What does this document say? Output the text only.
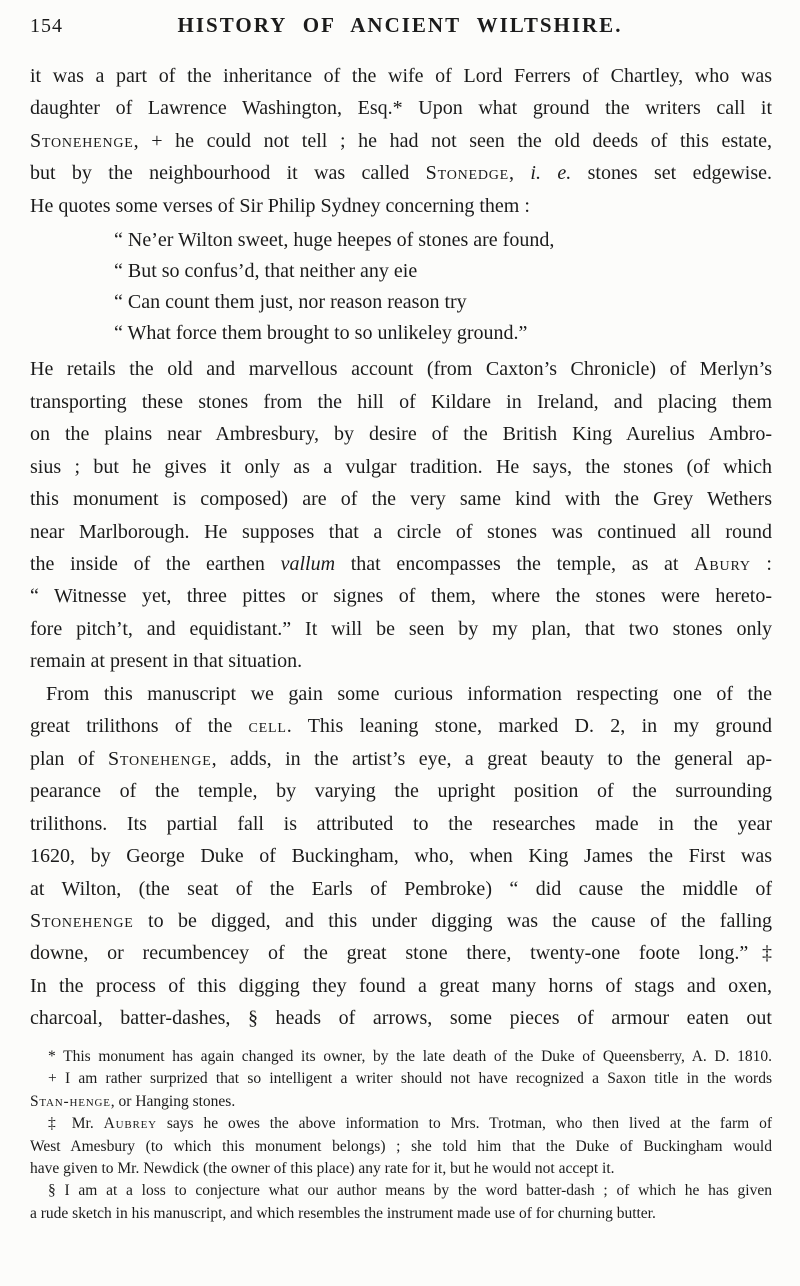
154	HISTORY OF ANCIENT WILTSHIRE.
it was a part of the inheritance of the wife of Lord Ferrers of Chartley, who was
daughter of Lawrence Washington, Esq.* Upon what ground the writers call it
Stonehenge, + he could not tell ; he had not seen the old deeds of this estate,
but by the neighbourhood it was called Stonedge, i. e. stones set edgewise.
He quotes some verses of Sir Philip Sydney concerning them :
“ Ne’er Wilton sweet, huge heepes of stones are found,
“ But so confus’d, that neither any eie
“ Can count them just, nor reason reason try
“ What force them brought to so unlikeley ground.”
He retails the old and marvellous account (from Caxton’s Chronicle) of Merlyn’s
transporting these stones from the hill of Kildare in Ireland, and placing them
on the plains near Ambresbury, by desire of the British King Aurelius Ambro-
sius ; but he gives it only as a vulgar tradition. He says, the stones (of which
this monument is composed) are of the very same kind with the Grey Wethers
near Marlborough. He supposes that a circle of stones was continued all round
the inside of the earthen vallum that encompasses the temple, as at Abury :
“ Witnesse yet, three pittes or signes of them, where the stones were hereto-
fore pitch’t, and equidistant.” It will be seen by my plan, that two stones only
remain at present in that situation.
From this manuscript we gain some curious information respecting one of the
great trilithons of the cell. This leaning stone, marked D. 2, in my ground
plan of Stonehenge, adds, in the artist’s eye, a great beauty to the general ap-
pearance of the temple, by varying the upright position of the surrounding
trilithons. Its partial fall is attributed to the researches made in the year
1620, by George Duke of Buckingham, who, when King James the First was
at Wilton, (the seat of the Earls of Pembroke) “ did cause the middle of
Stonehenge to be digged, and this under digging was the cause of the falling
downe, or recumbencey of the great stone there, twenty-one foote long.”‡
In the process of this digging they found a great many horns of stags and oxen,
charcoal, batter-dashes, § heads of arrows, some pieces of armour eaten out
* This monument has again changed its owner, by the late death of the Duke of Queensberry, A. D. 1810.
+ I am rather surprized that so intelligent a writer should not have recognized a Saxon title in the words
Stan-henge, or Hanging stones.
‡ Mr. Aubrey says he owes the above information to Mrs. Trotman, who then lived at the farm of
West Amesbury (to which this monument belongs) ; she told him that the Duke of Buckingham would
have given to Mr. Newdick (the owner of this place) any rate for it, but he would not accept it.
§ I am at a loss to conjecture what our author means by the word batter-dash ; of which he has given
a rude sketch in his manuscript, and which resembles the instrument made use of for churning butter.
